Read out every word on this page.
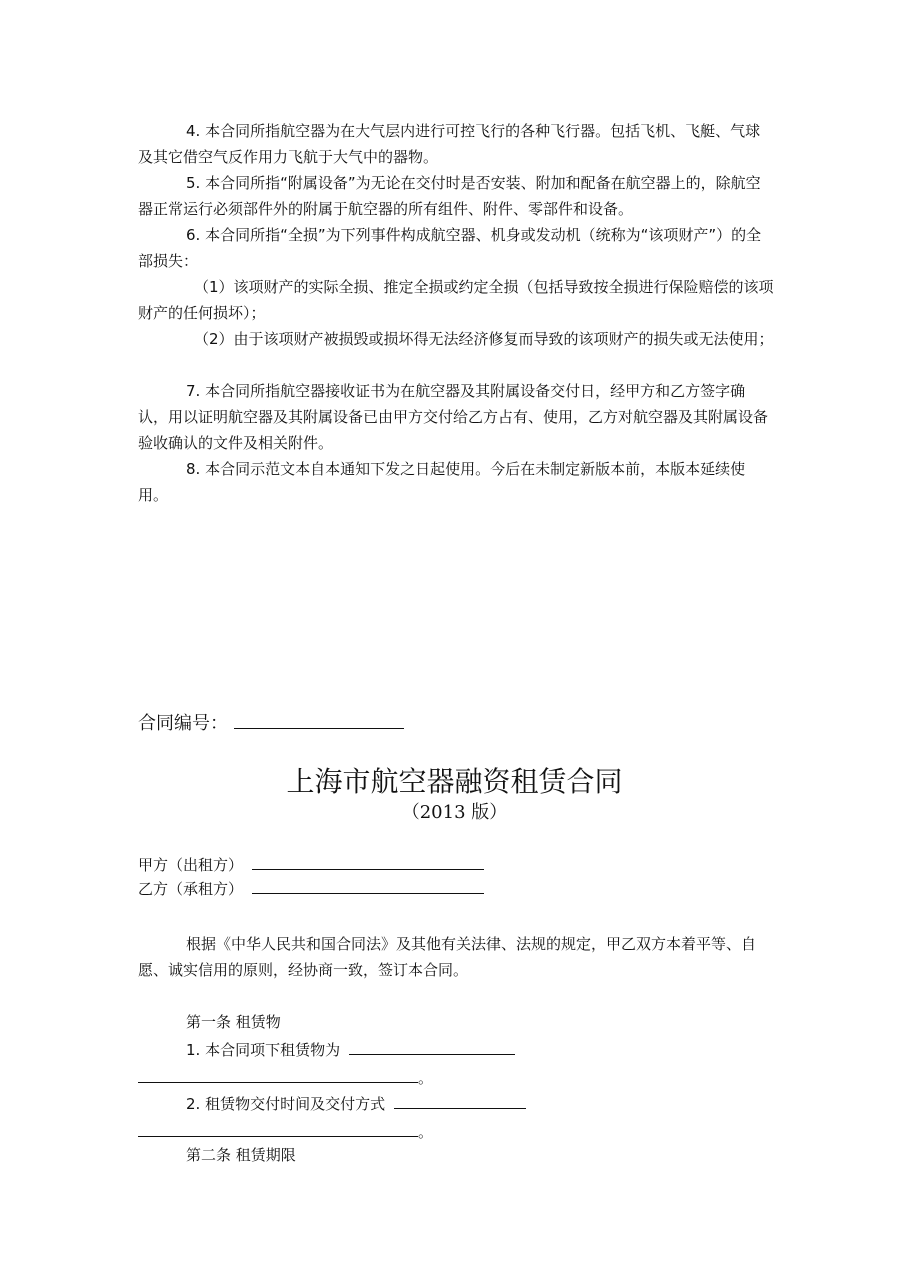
4. 本合同所指航空器为在大气层内进行可控飞行的各种飞行器。包括飞机、飞艇、气球及其它借空气反作用力飞航于大气中的器物。
5. 本合同所指“附属设备”为无论在交付时是否安装、附加和配备在航空器上的，除航空器正常运行必须部件外的附属于航空器的所有组件、附件、零部件和设备。
6. 本合同所指“全损”为下列事件构成航空器、机身或发动机（统称为“该项财产”）的全部损失：
（1）该项财产的实际全损、推定全损或约定全损（包括导致按全损进行保险赔偿的该项财产的任何损坏）；
（2）由于该项财产被损毁或损坏得无法经济修复而导致的该项财产的损失或无法使用；
7. 本合同所指航空器接收证书为在航空器及其附属设备交付日，经甲方和乙方签字确认，用以证明航空器及其附属设备已由甲方交付给乙方占有、使用，乙方对航空器及其附属设备验收确认的文件及相关附件。
8. 本合同示范文本自本通知下发之日起使用。今后在未制定新版本前，本版本延续使用。
合同编号：
上海市航空器融资租赁合同
（2013 版）
甲方（出租方）
乙方（承租方）
根据《中华人民共和国合同法》及其他有关法律、法规的规定，甲乙双方本着平等、自愿、诚实信用的原则，经协商一致，签订本合同。
第一条 租赁物
1. 本合同项下租赁物为
。
2. 租赁物交付时间及交付方式
。
第二条 租赁期限
